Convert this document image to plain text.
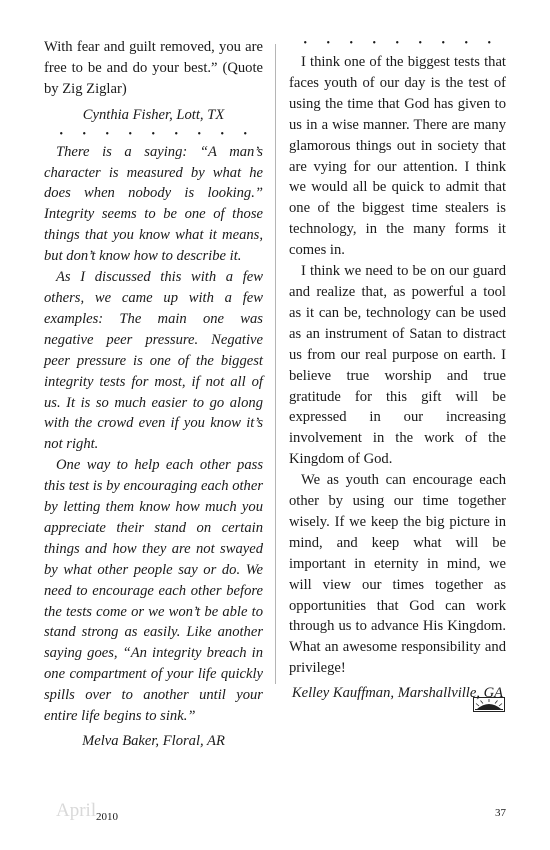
With fear and guilt removed, you are free to be and do your best.” (Quote by Zig Ziglar)

Cynthia Fisher, Lott, TX

• • • • • • • • •

There is a saying: “A man’s character is measured by what he does when nobody is looking.” Integrity seems to be one of those things that you know what it means, but don’t know how to describe it.

As I discussed this with a few others, we came up with a few examples: The main one was negative peer pressure. Negative peer pressure is one of the biggest integrity tests for most, if not all of us. It is so much easier to go along with the crowd even if you know it’s not right.

One way to help each other pass this test is by encouraging each other by letting them know how much you appreciate their stand on certain things and how they are not swayed by what other people say or do. We need to encourage each other before the tests come or we won’t be able to stand strong as easily. Like another saying goes, “An integrity breach in one compartment of your life quickly spills over to another until your entire life begins to sink.”

Melva Baker, Floral, AR

• • • • • • • • •

I think one of the biggest tests that faces youth of our day is the test of using the time that God has given to us in a wise manner. There are many glamorous things out in society that are vying for our attention. I think we would all be quick to admit that one of the biggest time stealers is technology, in the many forms it comes in.

I think we need to be on our guard and realize that, as powerful a tool as it can be, technology can be used as an instrument of Satan to distract us from our real purpose on earth. I believe true worship and true gratitude for this gift will be expressed in our increasing involvement in the work of the Kingdom of God.

We as youth can encourage each other by using our time together wisely. If we keep the big picture in mind, and keep what will be important in eternity in mind, we will view our times together as opportunities that God can work through us to advance His Kingdom. What an awesome responsibility and privilege!

Kelley Kauffman, Marshallville, GA

April 2010	37
